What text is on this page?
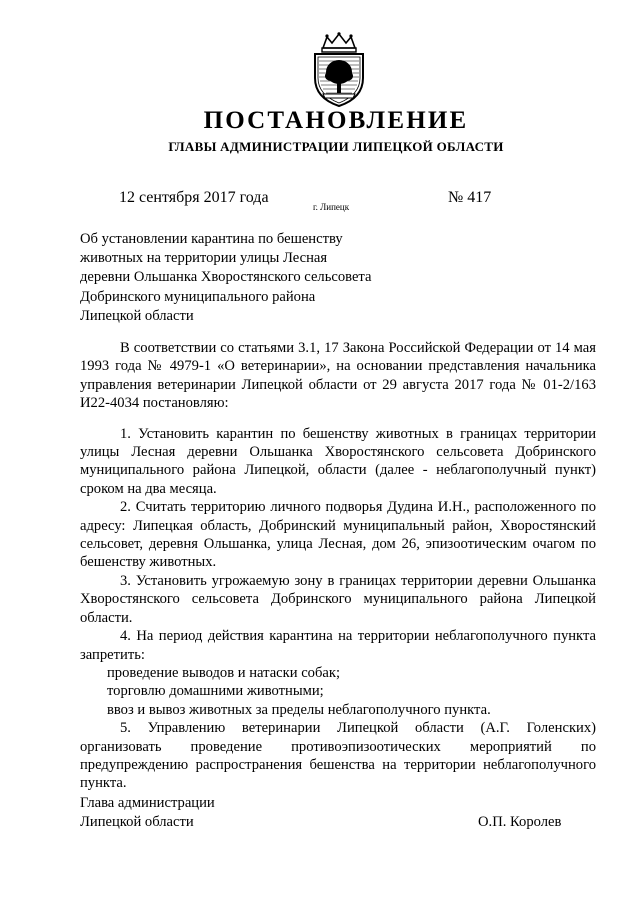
ПОСТАНОВЛЕНИЕ
ГЛАВЫ АДМИНИСТРАЦИИ ЛИПЕЦКОЙ ОБЛАСТИ
12 сентября 2017 года
г. Липецк
№ 417
Об установлении карантина по бешенству
животных на территории улицы Лесная
деревни Ольшанка Хворостянского сельсовета
Добринского муниципального района
Липецкой области

В соответствии со статьями 3.1, 17 Закона Российской Федерации от 14 мая 1993 года № 4979-1 «О ветеринарии», на основании представления начальника управления ветеринарии Липецкой области от 29 августа 2017 года № 01-2/163 И22-4034 постановляю:

1. Установить карантин по бешенству животных в границах территории улицы Лесная деревни Ольшанка Хворостянского сельсовета Добринского муниципального района Липецкой, области (далее - неблагополучный пункт) сроком на два месяца.

2. Считать территорию личного подворья Дудина И.Н., расположенного по адресу: Липецкая область, Добринский муниципальный район, Хворостянский сельсовет, деревня Ольшанка, улица Лесная, дом 26, эпизоотическим очагом по бешенству животных.

3. Установить угрожаемую зону в границах территории деревни Ольшанка Хворостянского сельсовета Добринского муниципального района Липецкой области.

4. На период действия карантина на территории неблагополучного пункта запретить:

проведение выводов и натаски собак;

торговлю домашними животными;

ввоз и вывоз животных за пределы неблагополучного пункта.

5. Управлению ветеринарии Липецкой области (А.Г. Голенских) организовать проведение противоэпизоотических мероприятий по предупреждению распространения бешенства на территории неблагополучного пункта.

Глава администрации
Липецкой области	О.П. Королев
